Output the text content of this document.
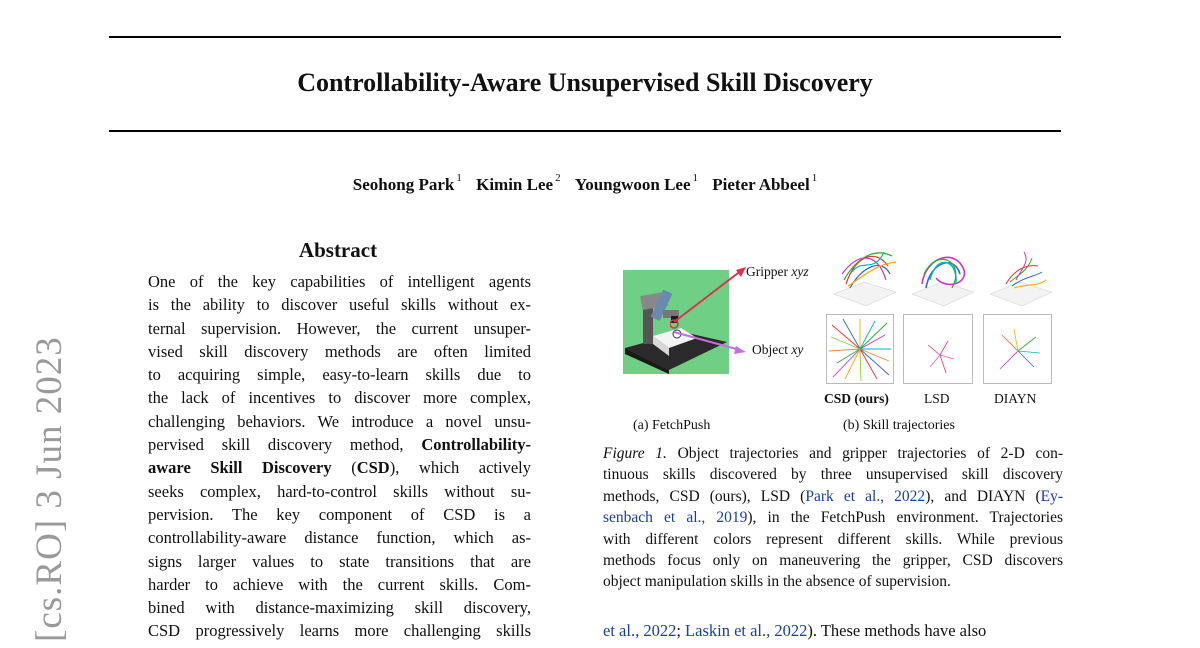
Controllability-Aware Unsupervised Skill Discovery
Seohong Park $^1$ Kimin Lee $^2$ Youngwoon Lee $^1$ Pieter Abbeel $^1$
[cs.RO] 3 Jun 2023
Abstract
One of the key capabilities of intelligent agents
is the ability to discover useful skills without ex-
ternal supervision. However, the current unsuper-
vised skill discovery methods are often limited
to acquiring simple, easy-to-learn skills due to
the lack of incentives to discover more complex,
challenging behaviors. We introduce a novel unsu-
pervised skill discovery method, Controllability-
aware Skill Discovery (CSD), which actively
seeks complex, hard-to-control skills without su-
pervision. The key component of CSD is a
controllability-aware distance function, which as-
signs larger values to state transitions that are
harder to achieve with the current skills. Com-
bined with distance-maximizing skill discovery,
CSD progressively learns more challenging skills
Gripper xyz
Object xy
CSD (ours)	LSD	DIAYN
(a) FetchPush	(b) Skill trajectories
Figure 1. Object trajectories and gripper trajectories of 2-D con-
tinuous skills discovered by three unsupervised skill discovery
methods, CSD (ours), LSD (Park et al., 2022), and DIAYN (Ey-
senbach et al., 2019), in the FetchPush environment. Trajectories
with different colors represent different skills. While previous
methods focus only on maneuvering the gripper, CSD discovers
object manipulation skills in the absence of supervision.
et al., 2022; Laskin et al., 2022). These methods have also
